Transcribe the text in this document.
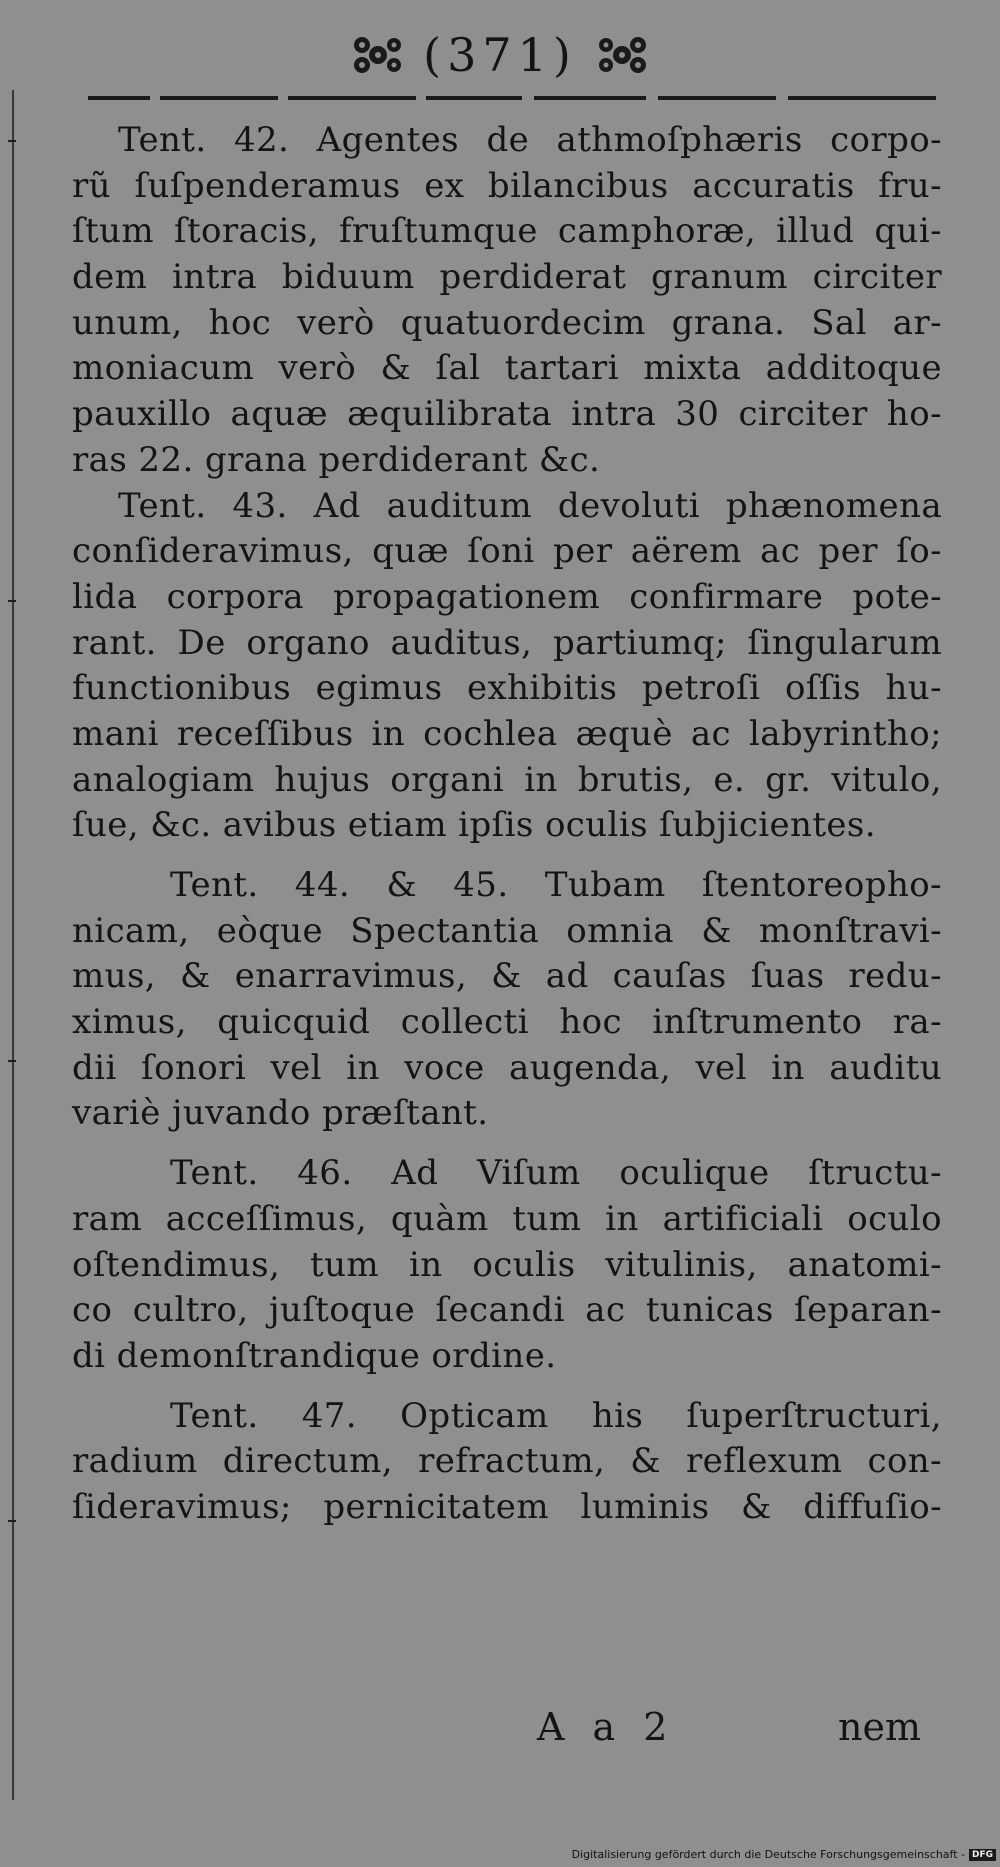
(371)
Tent. 42. Agentes de athmoſphæris corpo-
rũ ſuſpenderamus ex bilancibus accuratis fru-
ſtum ſtoracis, fruſtumque camphoræ, illud qui-
dem intra biduum perdiderat granum circiter
unum, hoc verò quatuordecim grana. Sal ar-
moniacum verò & ſal tartari mixta additoque
pauxillo aquæ æquilibrata intra 30 circiter ho-
ras 22. grana perdiderant &c.
Tent. 43. Ad auditum devoluti phænomena
conſideravimus, quæ ſoni per aërem ac per ſo-
lida corpora propagationem confirmare pote-
rant. De organo auditus, partiumq; ſingularum
functionibus egimus exhibitis petroſi oſſis hu-
mani receſſibus in cochlea æquè ac labyrintho;
analogiam hujus organi in brutis, e. gr. vitulo,
ſue, &c. avibus etiam ipſis oculis ſubjicientes.
Tent. 44. & 45. Tubam ſtentoreopho-
nicam, eòque Spectantia omnia & monſtravi-
mus, & enarravimus, & ad cauſas ſuas redu-
ximus, quicquid collecti hoc inſtrumento ra-
dii ſonori vel in voce augenda, vel in auditu
variè juvando præſtant.
Tent. 46. Ad Viſum oculique ſtructu-
ram acceſſimus, quàm tum in artificiali oculo
oſtendimus, tum in oculis vitulinis, anatomi-
co cultro, juſtoque ſecandi ac tunicas ſeparan-
di demonſtrandique ordine.
Tent. 47. Opticam his ſuperſtructuri,
radium directum, refractum, & reflexum con-
ſideravimus; pernicitatem luminis & diffuſio-
A a 2	nem
Digitalisierung gefördert durch die Deutsche Forschungsgemeinschaft - DFG
